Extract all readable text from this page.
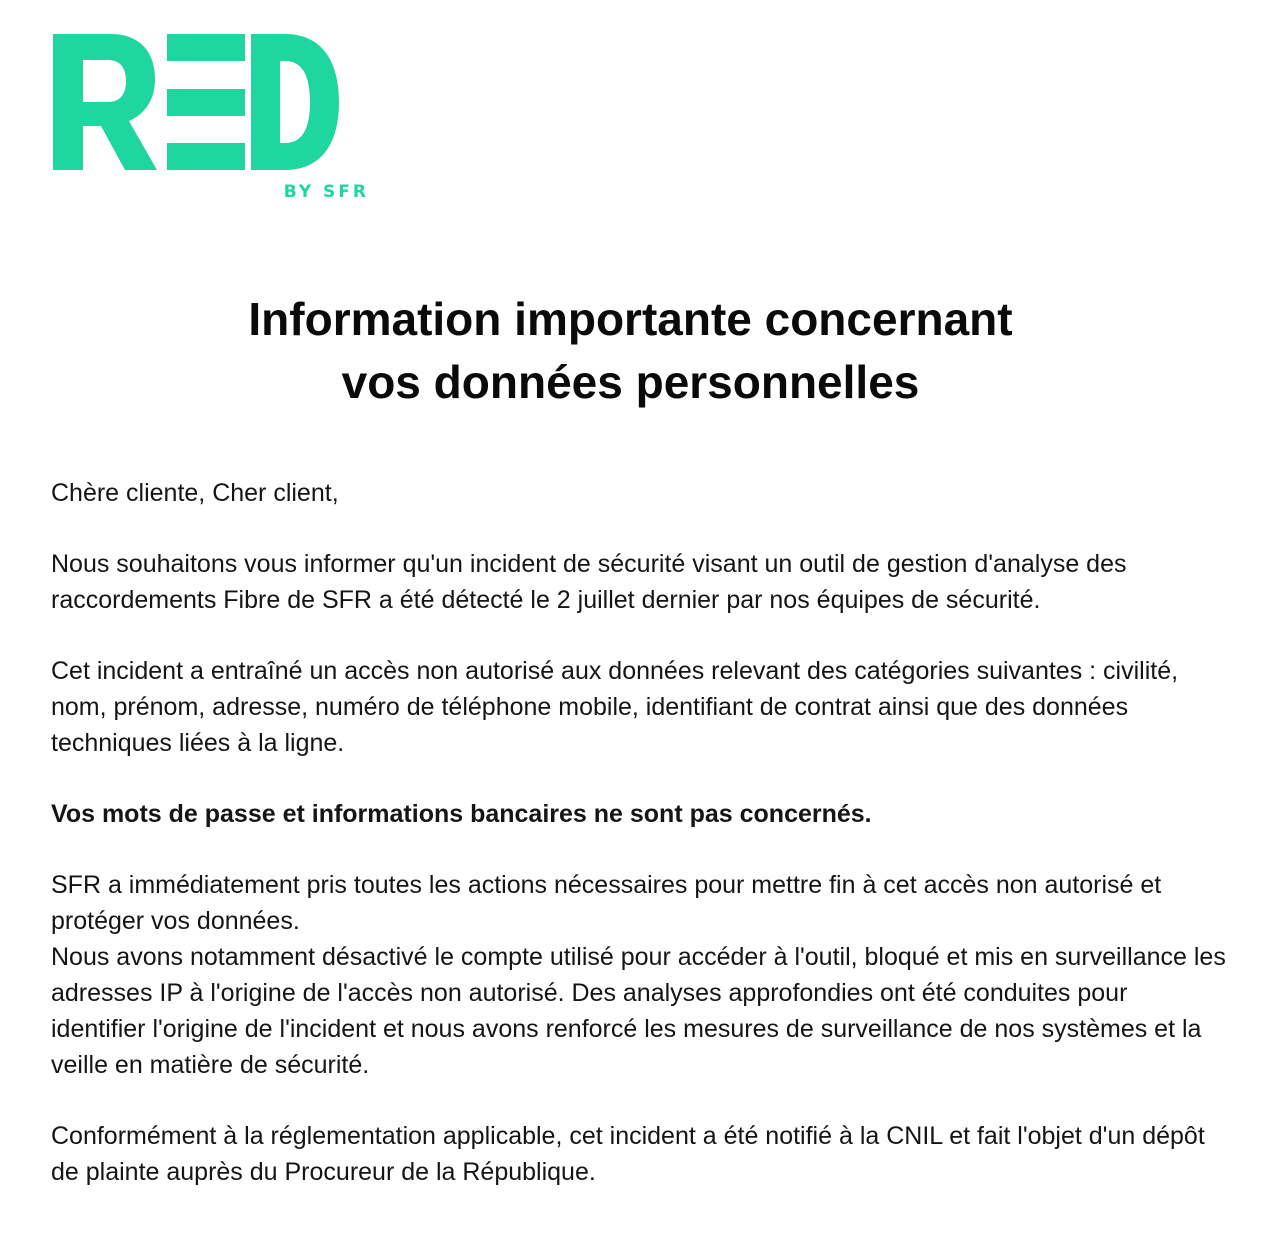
BY SFR
Information importante concernant
vos données personnelles

Chère cliente, Cher client,

Nous souhaitons vous informer qu'un incident de sécurité visant un outil de gestion d'analyse des raccordements Fibre de SFR a été détecté le 2 juillet dernier par nos équipes de sécurité.

Cet incident a entraîné un accès non autorisé aux données relevant des catégories suivantes : civilité, nom, prénom, adresse, numéro de téléphone mobile, identifiant de contrat ainsi que des données techniques liées à la ligne.

Vos mots de passe et informations bancaires ne sont pas concernés.

SFR a immédiatement pris toutes les actions nécessaires pour mettre fin à cet accès non autorisé et protéger vos données.

Nous avons notamment désactivé le compte utilisé pour accéder à l'outil, bloqué et mis en surveillance les adresses IP à l'origine de l'accès non autorisé. Des analyses approfondies ont été conduites pour identifier l'origine de l'incident et nous avons renforcé les mesures de surveillance de nos systèmes et la veille en matière de sécurité.

Conformément à la réglementation applicable, cet incident a été notifié à la CNIL et fait l'objet d'un dépôt de plainte auprès du Procureur de la République.
